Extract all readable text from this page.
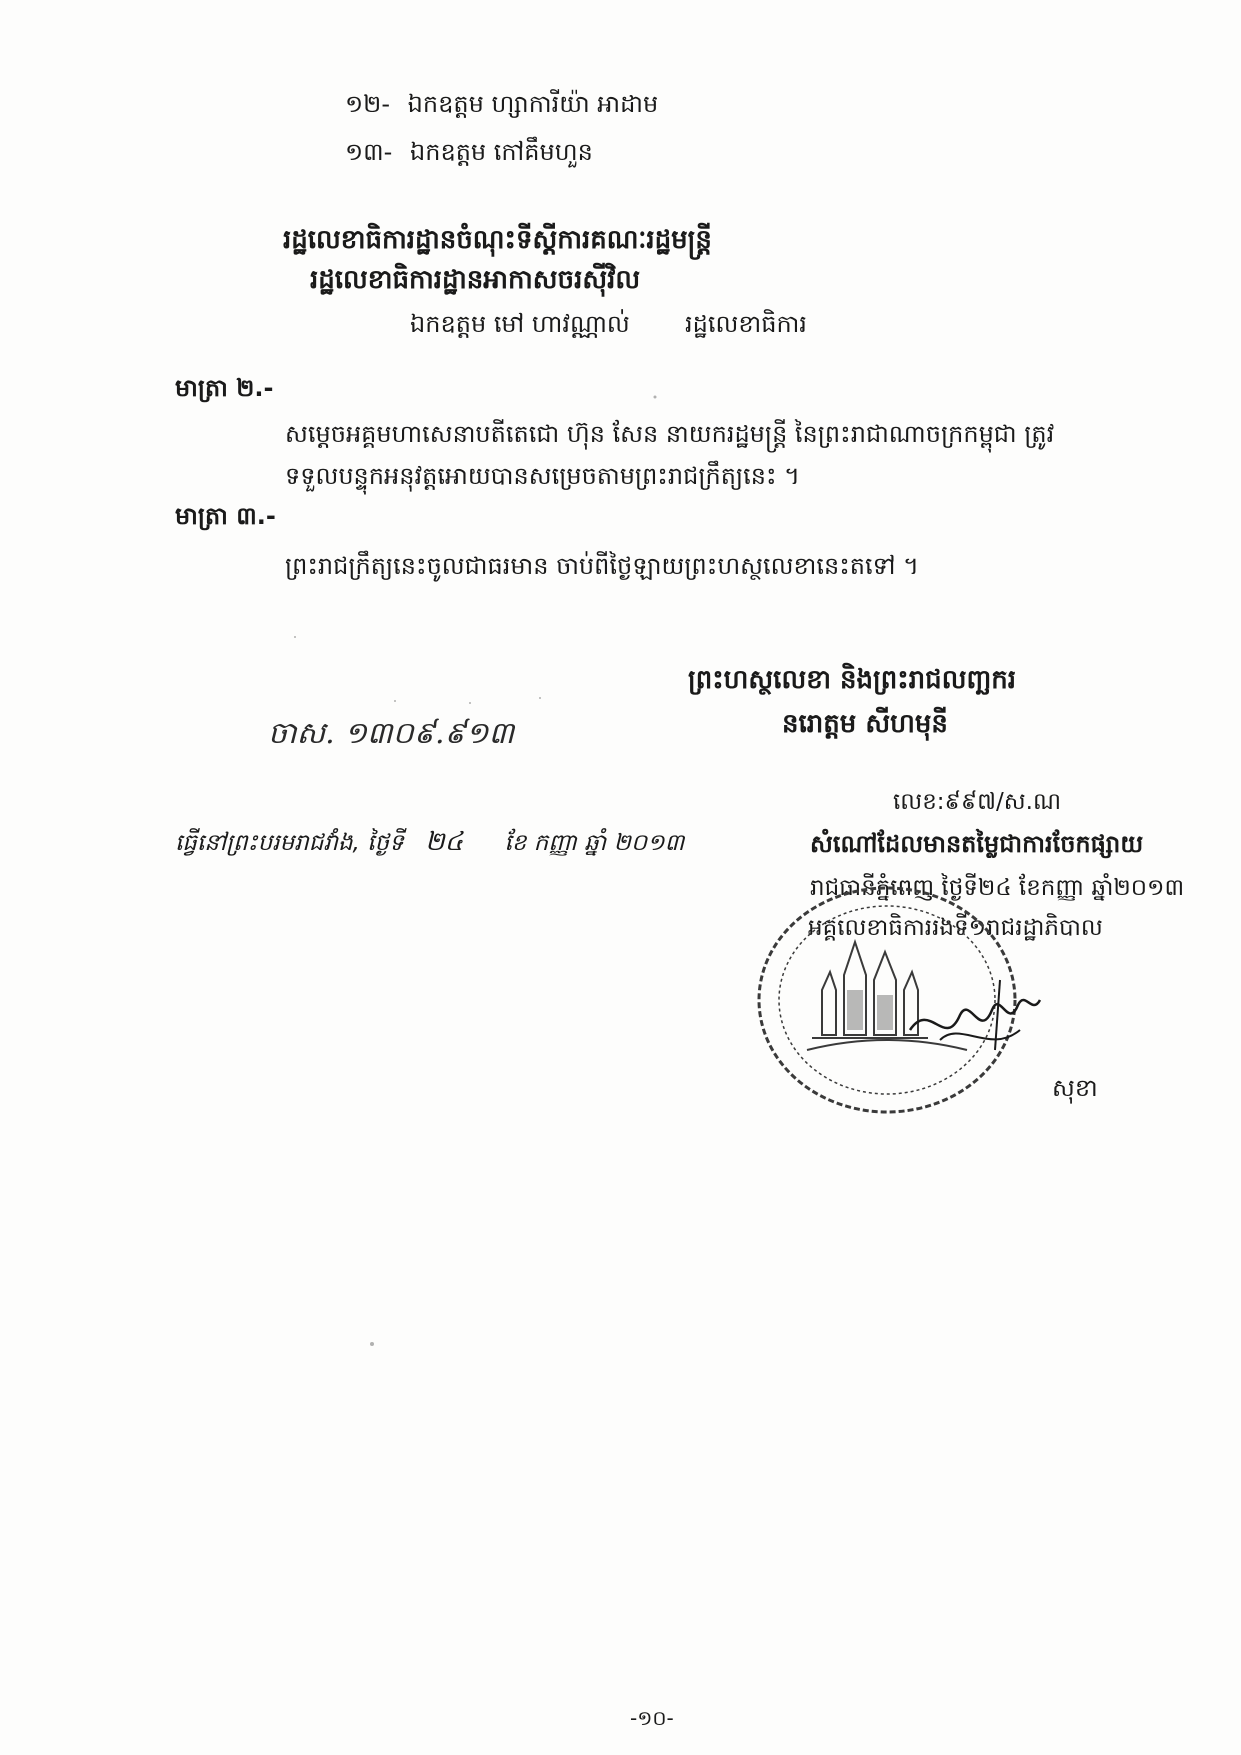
១២- ឯកឧត្តម ហ្សាការីយ៉ា អាដាម
១៣- ឯកឧត្តម កៅគឹមហួន
រដ្ឋលេខាធិការដ្ឋានចំណុះទីស្ដីការគណៈរដ្ឋមន្ត្រី
រដ្ឋលេខាធិការដ្ឋានអាកាសចរស៊ីវិល
ឯកឧត្តម មៅ ហាវណ្ណាល់ រដ្ឋលេខាធិការ
មាត្រា ២.-
សម្ដេចអគ្គមហាសេនាបតីតេជោ ហ៊ុន សែន នាយករដ្ឋមន្ត្រី នៃព្រះរាជាណាចក្រកម្ពុជា ត្រូវ
ទទួលបន្ទុកអនុវត្តអោយបានសម្រេចតាមព្រះរាជក្រឹត្យនេះ ។
មាត្រា ៣.-
ព្រះរាជក្រឹត្យនេះចូលជាធរមាន ចាប់ពីថ្ងៃឡាយព្រះហស្ថលេខានេះតទៅ ។
ចាស. ១៣០៩.៩១៣
ព្រះហស្ថលេខា និងព្រះរាជលញ្ឆករ
នរោត្តម សីហមុនី
ធ្វើនៅព្រះបរមរាជវាំង, ថ្ងៃទី ២៤ ខែ កញ្ញា ឆ្នាំ ២០១៣
លេខ:៩៩៧/ស.ណ
សំណៅដែលមានតម្លៃជាការចែកផ្សាយ
រាជធានីភ្នំពេញ ថ្ងៃទី២៤ ខែកញ្ញា ឆ្នាំ២០១៣
អគ្គលេខាធិការរងទី១រាជរដ្ឋាភិបាល
សុខា
-១០-
